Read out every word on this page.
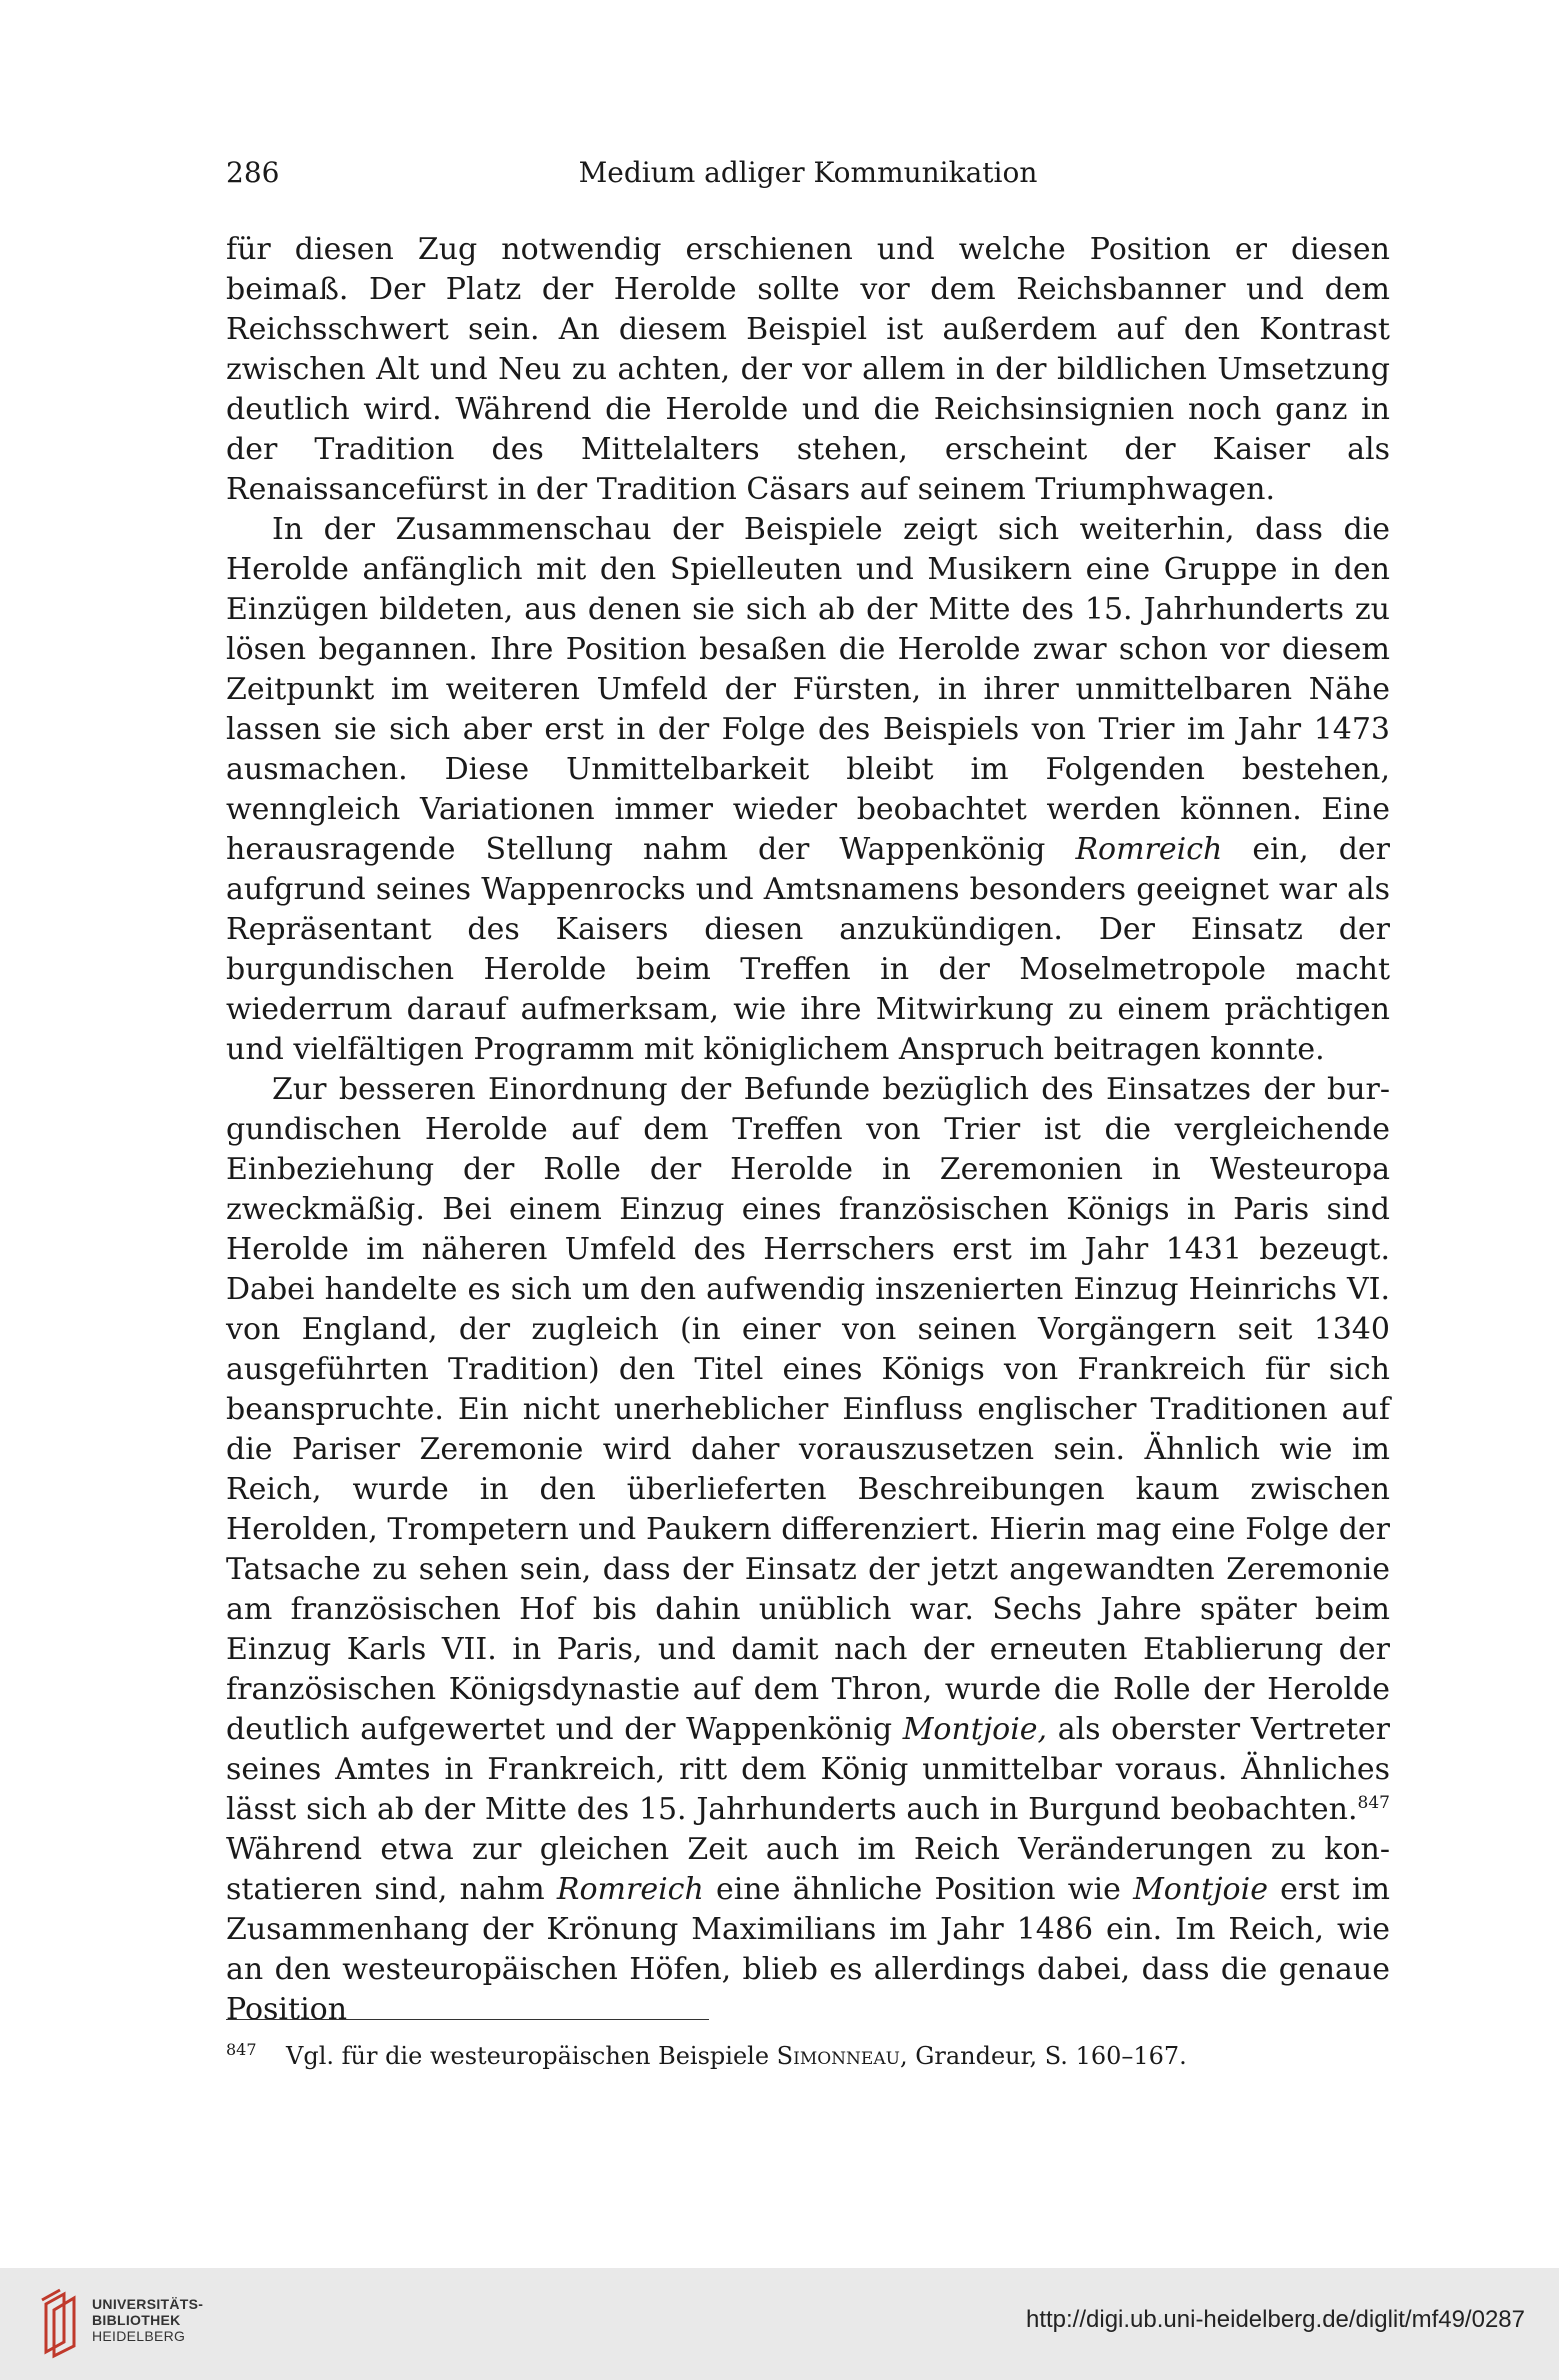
286	Medium adliger Kommunikation

für diesen Zug notwendig erschienen und welche Position er diesen beimaß. Der Platz der Herolde sollte vor dem Reichsbanner und dem Reichsschwert sein. An diesem Beispiel ist außerdem auf den Kontrast zwischen Alt und Neu zu achten, der vor allem in der bildlichen Umsetzung deutlich wird. Während die Herolde und die Reichsinsignien noch ganz in der Tradition des Mittelalters stehen, erscheint der Kaiser als Renaissancefürst in der Tradition Cäsars auf seinem Triumphwagen.

In der Zusammenschau der Beispiele zeigt sich weiterhin, dass die Herolde anfänglich mit den Spielleuten und Musikern eine Gruppe in den Einzügen bildeten, aus denen sie sich ab der Mitte des 15. Jahrhunderts zu lösen begannen. Ihre Position besaßen die Herolde zwar schon vor diesem Zeitpunkt im weiteren Umfeld der Fürsten, in ihrer unmittelbaren Nähe lassen sie sich aber erst in der Folge des Beispiels von Trier im Jahr 1473 ausmachen. Diese Unmittelbarkeit bleibt im Folgenden bestehen, wenngleich Variationen immer wieder beobachtet werden können. Eine herausragende Stellung nahm der Wappenkönig Romreich ein, der aufgrund seines Wappenrocks und Amtsnamens besonders geeignet war als Repräsentant des Kaisers diesen anzukündigen. Der Einsatz der burgundischen Herolde beim Treffen in der Moselmetropole macht wiederrum darauf aufmerksam, wie ihre Mitwirkung zu einem prächtigen und vielfältigen Programm mit königlichem Anspruch beitragen konnte.

Zur besseren Einordnung der Befunde bezüglich des Einsatzes der burgundischen Herolde auf dem Treffen von Trier ist die vergleichende Einbeziehung der Rolle der Herolde in Zeremonien in Westeuropa zweckmäßig. Bei einem Einzug eines französischen Königs in Paris sind Herolde im näheren Umfeld des Herrschers erst im Jahr 1431 bezeugt. Dabei handelte es sich um den aufwendig inszenierten Einzug Heinrichs VI. von England, der zugleich (in einer von seinen Vorgängern seit 1340 ausgeführten Tradition) den Titel eines Königs von Frankreich für sich beanspruchte. Ein nicht unerheblicher Einfluss englischer Traditionen auf die Pariser Zeremonie wird daher vorauszusetzen sein. Ähnlich wie im Reich, wurde in den überlieferten Beschreibungen kaum zwischen Herolden, Trompetern und Paukern differenziert. Hierin mag eine Folge der Tatsache zu sehen sein, dass der Einsatz der jetzt angewandten Zeremonie am französischen Hof bis dahin unüblich war. Sechs Jahre später beim Einzug Karls VII. in Paris, und damit nach der erneuten Etablierung der französischen Königsdynastie auf dem Thron, wurde die Rolle der Herolde deutlich aufgewertet und der Wappenkönig Montjoie, als oberster Vertreter seines Amtes in Frankreich, ritt dem König unmittelbar voraus. Ähnliches lässt sich ab der Mitte des 15. Jahrhunderts auch in Burgund beobachten.$^{847}$ Während etwa zur gleichen Zeit auch im Reich Veränderungen zu konstatieren sind, nahm Romreich eine ähnliche Position wie Montjoie erst im Zusammenhang der Krönung Maximilians im Jahr 1486 ein. Im Reich, wie an den westeuropäischen Höfen, blieb es allerdings dabei, dass die genaue Position

847 Vgl. für die westeuropäischen Beispiele Simonneau, Grandeur, S. 160–167.
UNIVERSITÄTS-
BIBLIOTHEK
HEIDELBERG
http://digi.ub.uni-heidelberg.de/diglit/mf49/0287
